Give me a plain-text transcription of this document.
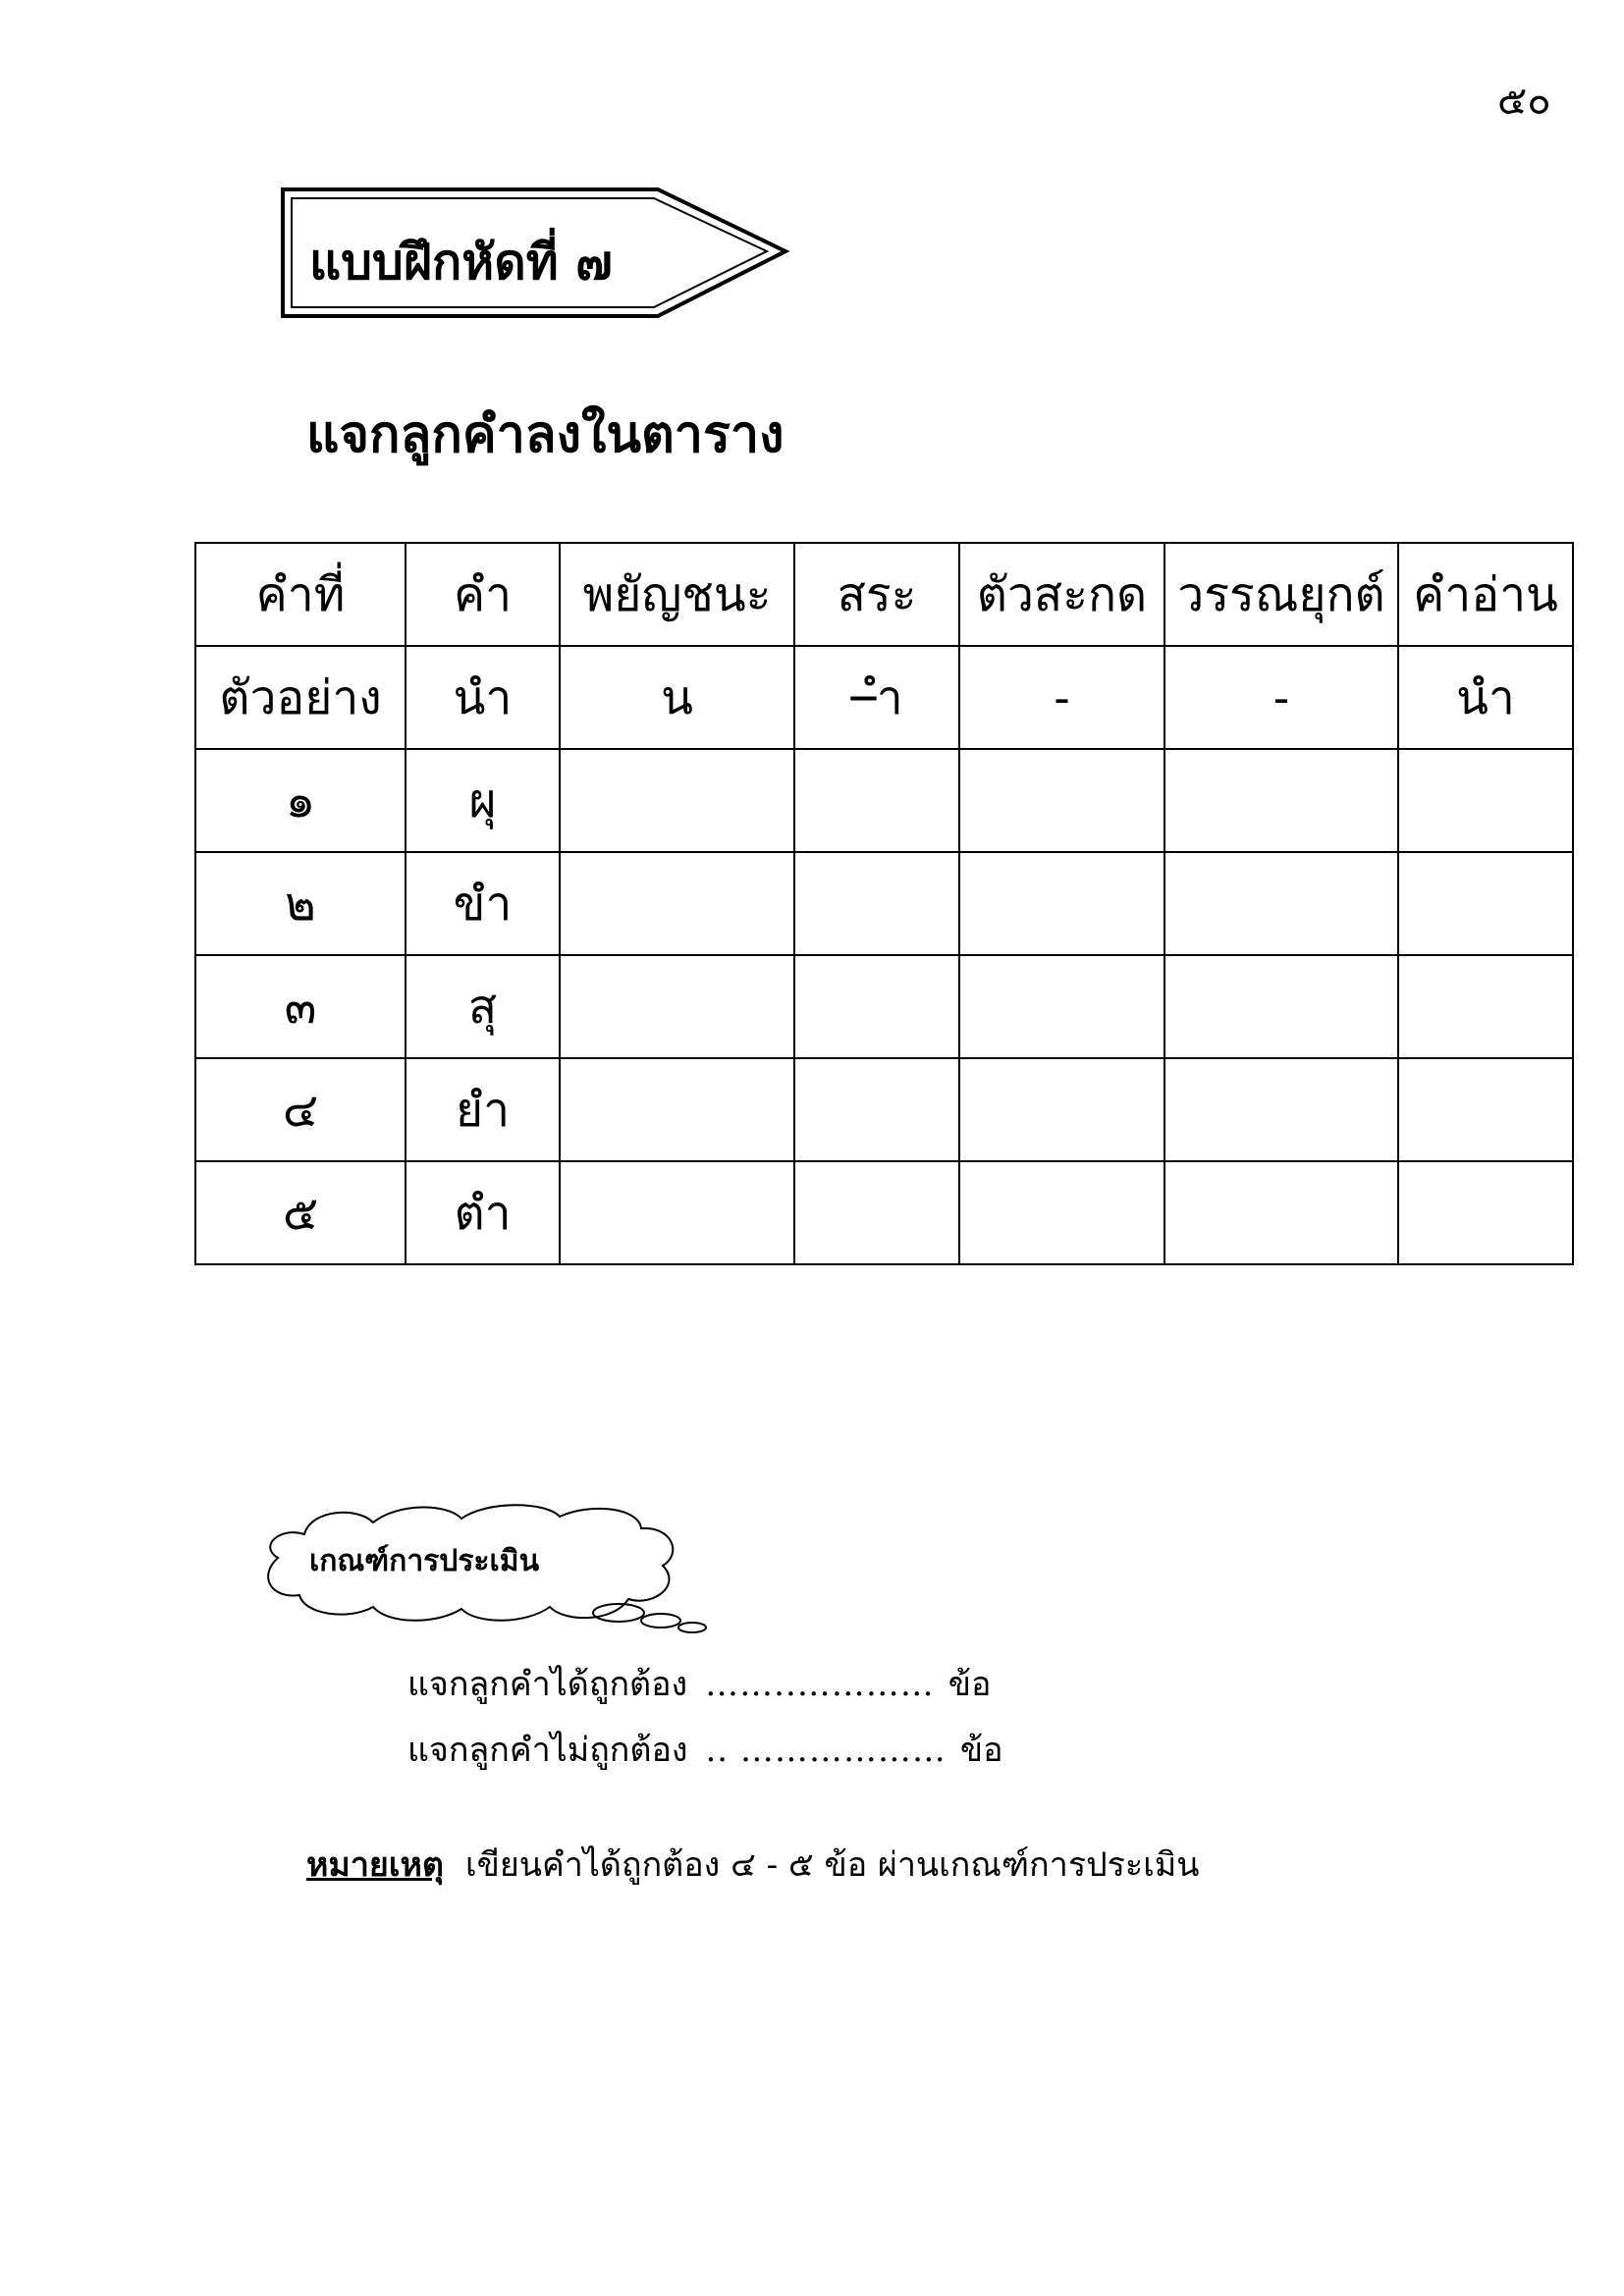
๕๐
แบบฝึกหัดที่ ๗
แจกลูกคำลงในตาราง
คำที่	คำ	พยัญชนะ	สระ	ตัวสะกด	วรรณยุกต์	คำอ่าน
ตัวอย่าง	นำ	น	–ำ	-	-	นำ
๑	ผุ					
๒	ขำ					
๓	สุ					
๔	ยำ					
๕	ตำ					
เกณฑ์การประเมิน
แจกลูกคำได้ถูกต้อง ……..………… ข้อ
แจกลูกคำไม่ถูกต้อง .. ……………… ข้อ
หมายเหตุ เขียนคำได้ถูกต้อง ๔ - ๕ ข้อ ผ่านเกณฑ์การประเมิน
